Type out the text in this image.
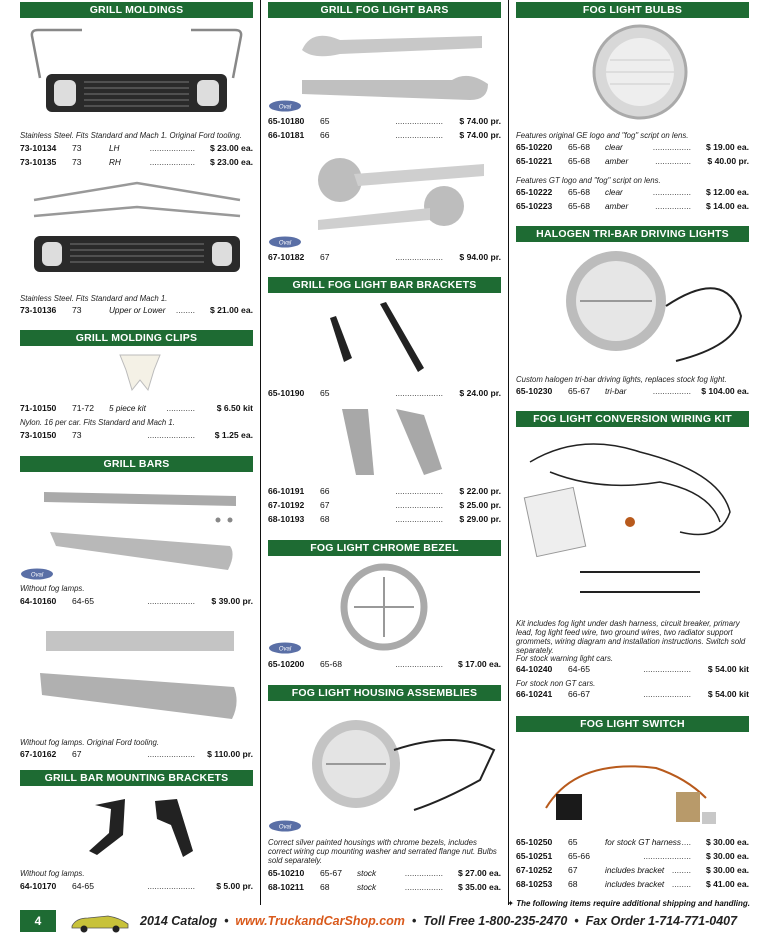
GRILL MOLDINGS
Stainless Steel. Fits Standard and Mach 1. Original Ford tooling.
73-10134 73	LH	$ 23.00 ea.
...................
73-10135 73	RH	$ 23.00 ea.
...................
Stainless Steel. Fits Standard and Mach 1.
73-10136 73	Upper or Lower	$ 21.00 ea.
........
GRILL MOLDING CLIPS
71-10150 71-72 5 piece kit	$ 6.50 kit
............
Nylon. 16 per car. Fits Standard and Mach 1.
73-10150 73	$ 1.25 ea.
....................
GRILL BARS
Oval
Without fog lamps.
64-10160 64-65	$ 39.00 pr.
....................
Without fog lamps. Original Ford tooling.
67-10162 67	$ 110.00 pr.
....................
GRILL BAR MOUNTING BRACKETS
Without fog lamps.
64-10170 64-65	$ 5.00 pr.
....................
GRILL FOG LIGHT BARS
Oval
65-10180 65	$ 74.00 pr.
....................
66-10181 66	$ 74.00 pr.
....................
Oval
67-10182 67	$ 94.00 pr.
....................
GRILL FOG LIGHT BAR BRACKETS
65-10190 65	$ 24.00 pr.
....................
66-10191 66	$ 22.00 pr.
....................
67-10192 67	$ 25.00 pr.
....................
68-10193 68	$ 29.00 pr.
....................
FOG LIGHT CHROME BEZEL
Oval
65-10200 65-68	$ 17.00 ea.
....................
FOG LIGHT HOUSING ASSEMBLIES
Oval
Correct silver painted housings with chrome bezels, includes correct wiring cup mounting washer and serrated flange nut. Bulbs sold separately.
65-10210 65-67 stock	$ 27.00 ea.
................
68-10211 68	stock	$ 35.00 ea.
................
FOG LIGHT BULBS
Features original GE logo and "fog" script on lens.
65-10220 65-68 clear	$ 19.00 ea.
................
65-10221 65-68 amber	$ 40.00 pr.
...............
Features GT logo and "fog" script on lens.
65-10222 65-68 clear	$ 12.00 ea.
................
65-10223 65-68 amber	$ 14.00 ea.
...............
HALOGEN TRI-BAR DRIVING LIGHTS
Custom halogen tri-bar driving lights, replaces stock fog light.
65-10230 65-67 tri-bar	$ 104.00 ea.
................
FOG LIGHT CONVERSION WIRING KIT
Kit includes fog light under dash harness, circuit breaker, primary lead, fog light feed wire, two ground wires, two radiator support grommets, wiring diagram and installation instructions. Switch sold separately.
For stock warning light cars.
64-10240 64-65	$ 54.00 kit
....................
For stock non GT cars.
66-10241 66-67	$ 54.00 kit
....................
FOG LIGHT SWITCH
65-10250 65	for stock GT harness	$ 30.00 ea.
....
65-10251 65-66	$ 30.00 ea.
....................
67-10252 67	includes bracket	$ 30.00 ea.
........
68-10253 68	includes bracket	$ 41.00 ea.
........
✦ The following items require additional shipping and handling.
4	2014 Catalog • www.TruckandCarShop.com • Toll Free 1-800-235-2470 • Fax Order 1-714-771-0407
